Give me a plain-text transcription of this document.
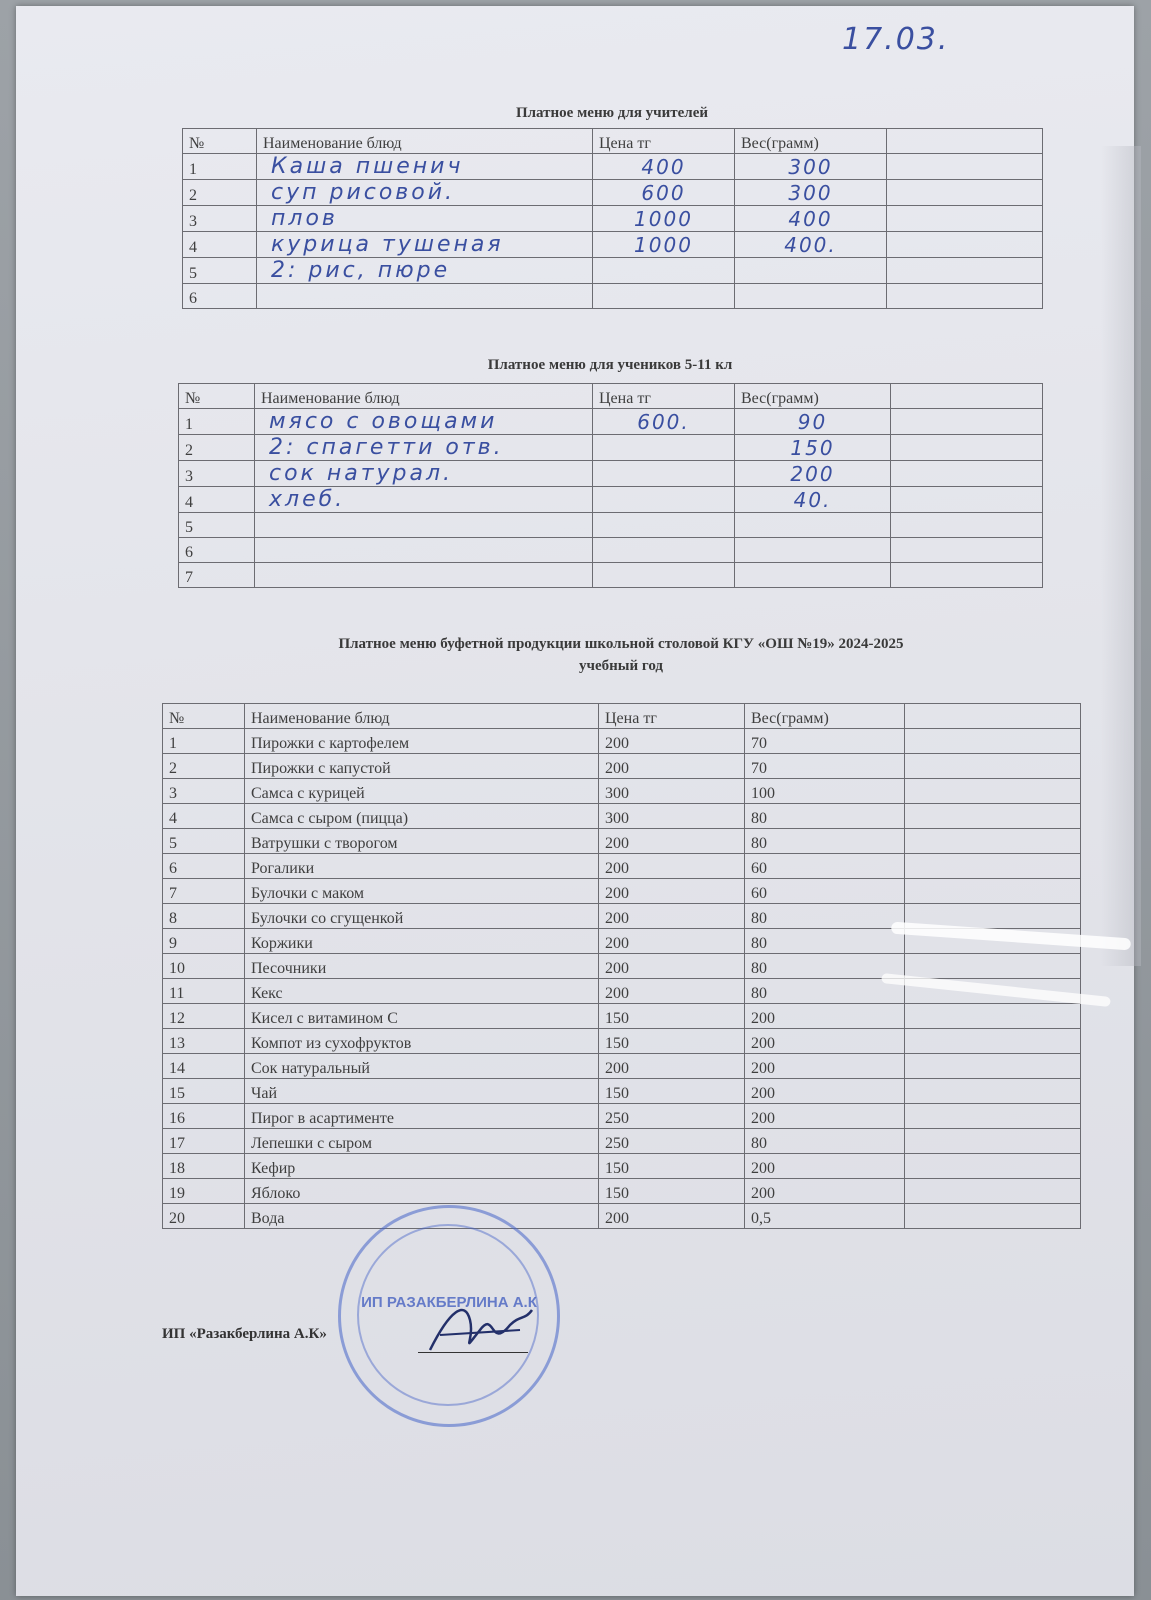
17.03.
Платное меню для учителей
№	Наименование блюд	Цена тг	Вес(грамм)	
1	Каша пшенич	400	300	
2	суп рисовой.	600	300	
3	плов	1000	400	
4	курица тушеная	1000	400.	
5	2: рис, пюре			
6				
Платное меню для учеников 5-11 кл
№	Наименование блюд	Цена тг	Вес(грамм)	
1	мясо с овощами	600.	90	
2	2: спагетти отв.		150	
3	сок натурал.		200	
4	хлеб.		40.	
5				
6				
7				
Платное меню буфетной продукции школьной столовой КГУ «ОШ №19» 2024-2025
учебный год
№	Наименование блюд	Цена тг	Вес(грамм)	
1	Пирожки с картофелем	200	70	
2	Пирожки с капустой	200	70	
3	Самса с курицей	300	100	
4	Самса с сыром (пицца)	300	80	
5	Ватрушки с творогом	200	80	
6	Рогалики	200	60	
7	Булочки с маком	200	60	
8	Булочки со сгущенкой	200	80	
9	Коржики	200	80	
10	Песочники	200	80	
11	Кекс	200	80	
12	Кисел с витамином С	150	200	
13	Компот из сухофруктов	150	200	
14	Сок натуральный	200	200	
15	Чай	150	200	
16	Пирог в асартименте	250	200	
17	Лепешки с сыром	250	80	
18	Кефир	150	200	
19	Яблоко	150	200	
20	Вода	200	0,5	
ИП «Разакберлина А.К»
ИП РАЗАКБЕРЛИНА А.К
